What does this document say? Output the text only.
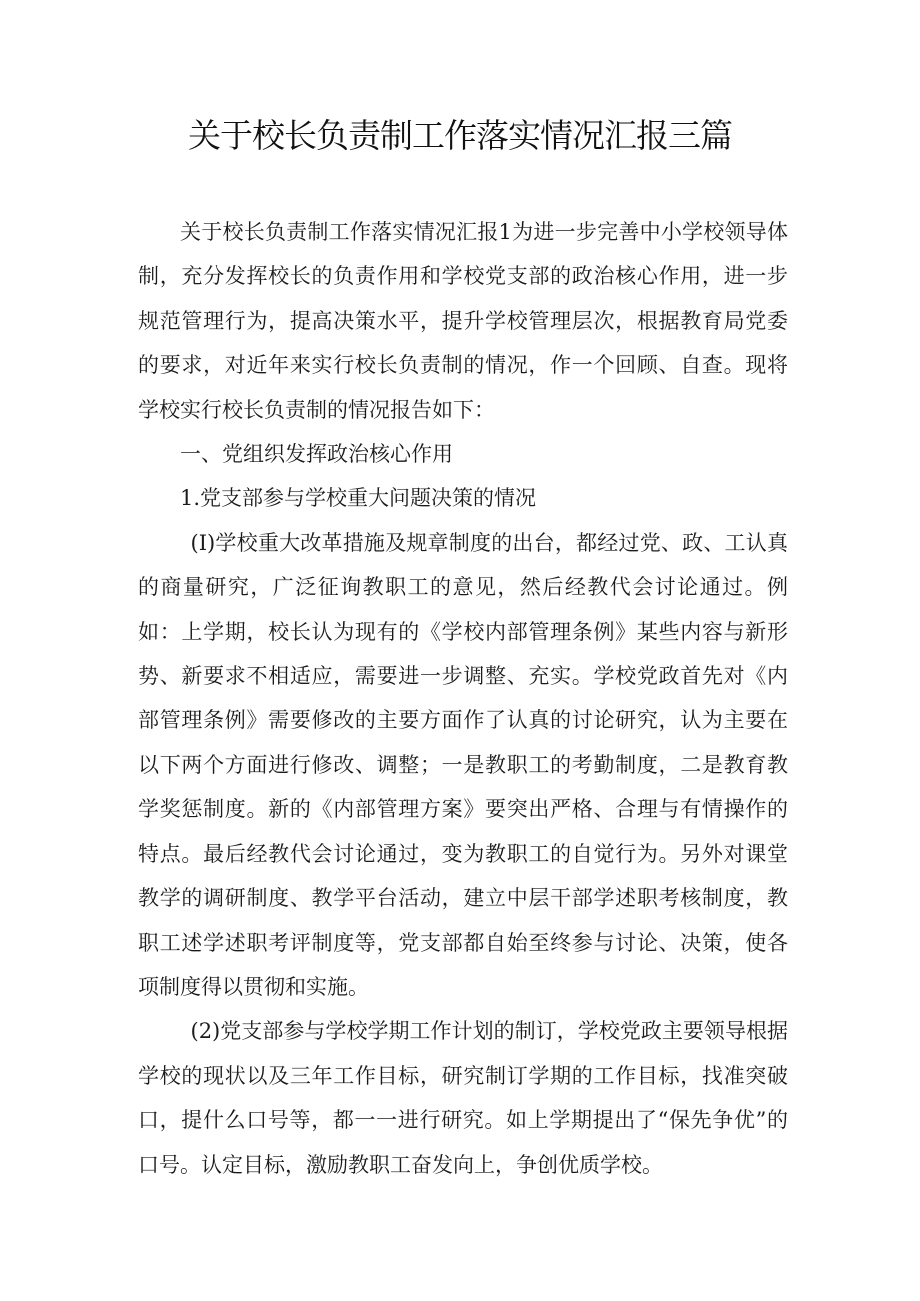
关于校长负责制工作落实情况汇报三篇

关于校长负责制工作落实情况汇报1为进一步完善中小学校领导体制，充分发挥校长的负责作用和学校党支部的政治核心作用，进一步规范管理行为，提高决策水平，提升学校管理层次，根据教育局党委的要求，对近年来实行校长负责制的情况，作一个回顾、自查。现将学校实行校长负责制的情况报告如下：

一、党组织发挥政治核心作用

1.党支部参与学校重大问题决策的情况

(I)学校重大改革措施及规章制度的出台，都经过党、政、工认真的商量研究，广泛征询教职工的意见，然后经教代会讨论通过。例如：上学期，校长认为现有的《学校内部管理条例》某些内容与新形势、新要求不相适应，需要进一步调整、充实。学校党政首先对《内部管理条例》需要修改的主要方面作了认真的讨论研究，认为主要在以下两个方面进行修改、调整；一是教职工的考勤制度，二是教育教学奖惩制度。新的《内部管理方案》要突出严格、合理与有情操作的特点。最后经教代会讨论通过，变为教职工的自觉行为。另外对课堂教学的调研制度、教学平台活动，建立中层干部学述职考核制度，教职工述学述职考评制度等，党支部都自始至终参与讨论、决策，使各项制度得以贯彻和实施。

(2)党支部参与学校学期工作计划的制订，学校党政主要领导根据学校的现状以及三年工作目标，研究制订学期的工作目标，找准突破口，提什么口号等，都一一进行研究。如上学期提出了“保先争优”的口号。认定目标，激励教职工奋发向上，争创优质学校。
